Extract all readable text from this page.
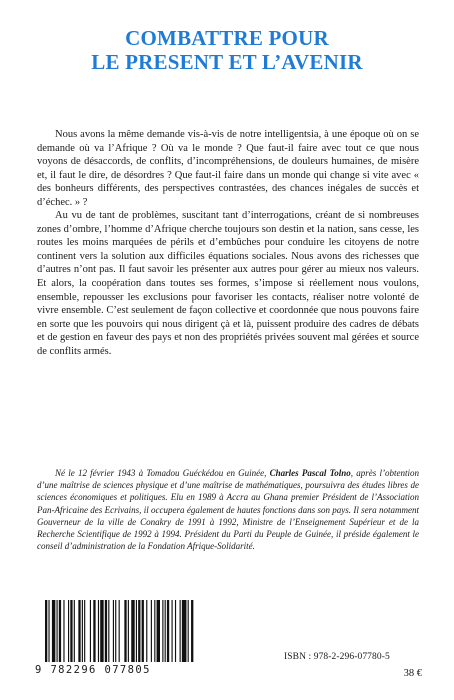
COMBATTRE POUR
LE PRESENT ET L’AVENIR

Nous avons la même demande vis-à-vis de notre intelligentsia, à une époque où on se demande où va l’Afrique ? Où va le monde ? Que faut-il faire avec tout ce que nous voyons de désaccords, de conflits, d’incompréhensions, de douleurs humaines, de misère et, il faut le dire, de désordres ? Que faut-il faire dans un monde qui change si vite avec « des bonheurs différents, des perspectives contrastées, des chances inégales de succès et d’échec. » ?

Au vu de tant de problèmes, suscitant tant d’interrogations, créant de si nombreuses zones d’ombre, l’homme d’Afrique cherche toujours son destin et la nation, sans cesse, les routes les moins marquées de périls et d’embûches pour conduire les citoyens de notre continent vers la solution aux difficiles équations sociales. Nous avons des richesses que d’autres n’ont pas. Il faut savoir les présenter aux autres pour gérer au mieux nos valeurs. Et alors, la coopération dans toutes ses formes, s’impose si réellement nous voulons, ensemble, repousser les exclusions pour favoriser les contacts, réaliser notre volonté de vivre ensemble. C’est seulement de façon collective et coordonnée que nous pouvons faire en sorte que les pouvoirs qui nous dirigent çà et là, puissent produire des cadres de débats et de gestion en faveur des pays et non des propriétés privées souvent mal gérées et source de conflits armés.

Né le 12 février 1943 à Tomadou Guéckédou en Guinée, Charles Pascal Tolno, après l’obtention d’une maîtrise de sciences physique et d’une maîtrise de mathématiques, poursuivra des études libres de sciences économiques et politiques. Elu en 1989 à Accra au Ghana premier Président de l’Association Pan-Africaine des Ecrivains, il occupera également de hautes fonctions dans son pays. Il sera notamment Gouverneur de la ville de Conakry de 1991 à 1992, Ministre de l’Enseignement Supérieur et de la Recherche Scientifique de 1992 à 1994. Président du Parti du Peuple de Guinée, il préside également le conseil d’administration de la Fondation Afrique-Solidarité.
9 782296 077805
ISBN : 978-2-296-07780-5
38 €
